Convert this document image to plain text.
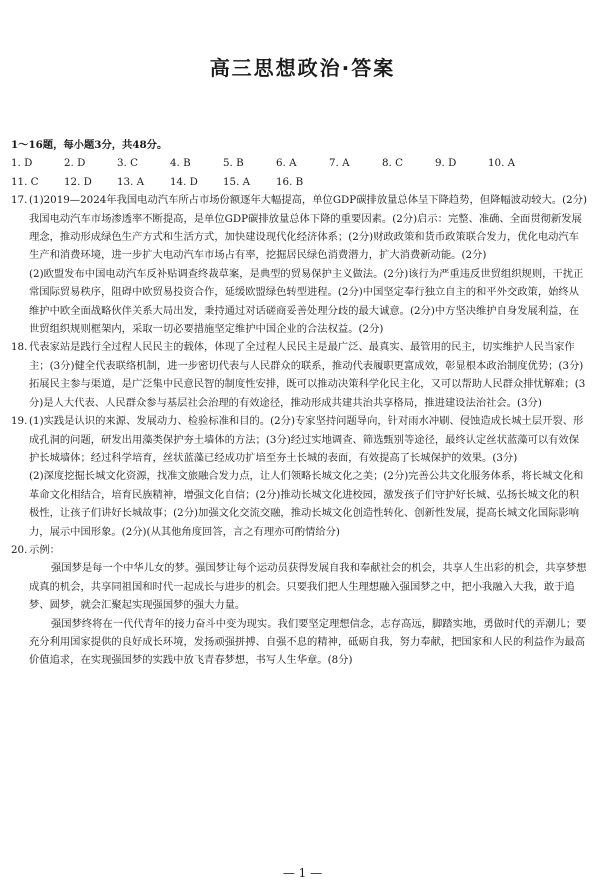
高三思想政治·答案
1～16题，每小题3分，共48分。
1. D	2. D	3. C	4. B	5. B	6. A	7. A	8. C	9. D	10. A
11. C	12. D	13. A	14. D	15. A	16. B

17. (1)2019—2024年我国电动汽车所占市场份额逐年大幅提高，单位GDP碳排放量总体呈下降趋势，但降幅波动较大。(2分)我国电动汽车市场渗透率不断提高，是单位GDP碳排放量总体下降的重要因素。(2分)启示：完整、准确、全面贯彻新发展理念，推动形成绿色生产方式和生活方式，加快建设现代化经济体系；(2分)财政政策和货币政策联合发力，优化电动汽车生产和消费环境，进一步扩大电动汽车市场占有率，挖掘居民绿色消费潜力，扩大消费新动能。(2分)

(2)欧盟发布中国电动汽车反补贴调查终裁草案，是典型的贸易保护主义做法。(2分)该行为严重违反世贸组织规则，干扰正常国际贸易秩序，阻碍中欧贸易投资合作，延缓欧盟绿色转型进程。(2分)中国坚定奉行独立自主的和平外交政策，始终从维护中欧全面战略伙伴关系大局出发，秉持通过对话磋商妥善处理分歧的最大诚意。(2分)中方坚决维护自身发展利益，在世贸组织规则框架内，采取一切必要措施坚定维护中国企业的合法权益。(2分)

18. 代表家站是践行全过程人民民主的载体，体现了全过程人民民主是最广泛、最真实、最管用的民主，切实维护人民当家作主；(3分)健全代表联络机制，进一步密切代表与人民群众的联系，推动代表履职更富成效，彰显根本政治制度优势；(3分)拓展民主参与渠道，是广泛集中民意民智的制度性安排，既可以推动决策科学化民主化，又可以帮助人民群众排忧解难；(3分)是人大代表、人民群众参与基层社会治理的有效途径，推动形成共建共治共享格局，推进建设法治社会。(3分)

19. (1)实践是认识的来源、发展动力、检验标准和目的。(2分)专家坚持问题导向，针对雨水冲刷、侵蚀造成长城土层开裂、形成孔洞的问题，研发出用藻类保护夯土墙体的方法；(3分)经过实地调查、筛选甄别等途径，最终认定丝状蓝藻可以有效保护长城墙体；经过科学培育，丝状蓝藻已经成功扩培至夯土长城的表面，有效提高了长城保护的效果。(3分)

(2)深度挖掘长城文化资源，找准文旅融合发力点，让人们领略长城文化之美；(2分)完善公共文化服务体系，将长城文化和革命文化相结合，培育民族精神，增强文化自信；(2分)推动长城文化进校园，激发孩子们守护好长城、弘扬长城文化的积极性，让孩子们讲好长城故事；(2分)加强文化交流交融，推动长城文化创造性转化、创新性发展，提高长城文化国际影响力，展示中国形象。(2分)(从其他角度回答，言之有理亦可酌情给分)

20. 示例：

强国梦是每一个中华儿女的梦。强国梦让每个运动员获得发展自我和奉献社会的机会，共享人生出彩的机会，共享梦想成真的机会，共享同祖国和时代一起成长与进步的机会。只要我们把人生理想融入强国梦之中，把小我融入大我，敢于追梦、圆梦，就会汇聚起实现强国梦的强大力量。

强国梦终将在一代代青年的接力奋斗中变为现实。我们要坚定理想信念，志存高远，脚踏实地，勇做时代的弄潮儿；要充分利用国家提供的良好成长环境，发扬顽强拼搏、自强不息的精神，砥砺自我，努力奉献，把国家和人民的利益作为最高价值追求，在实现强国梦的实践中放飞青春梦想，书写人生华章。(8分)

— 1 —
